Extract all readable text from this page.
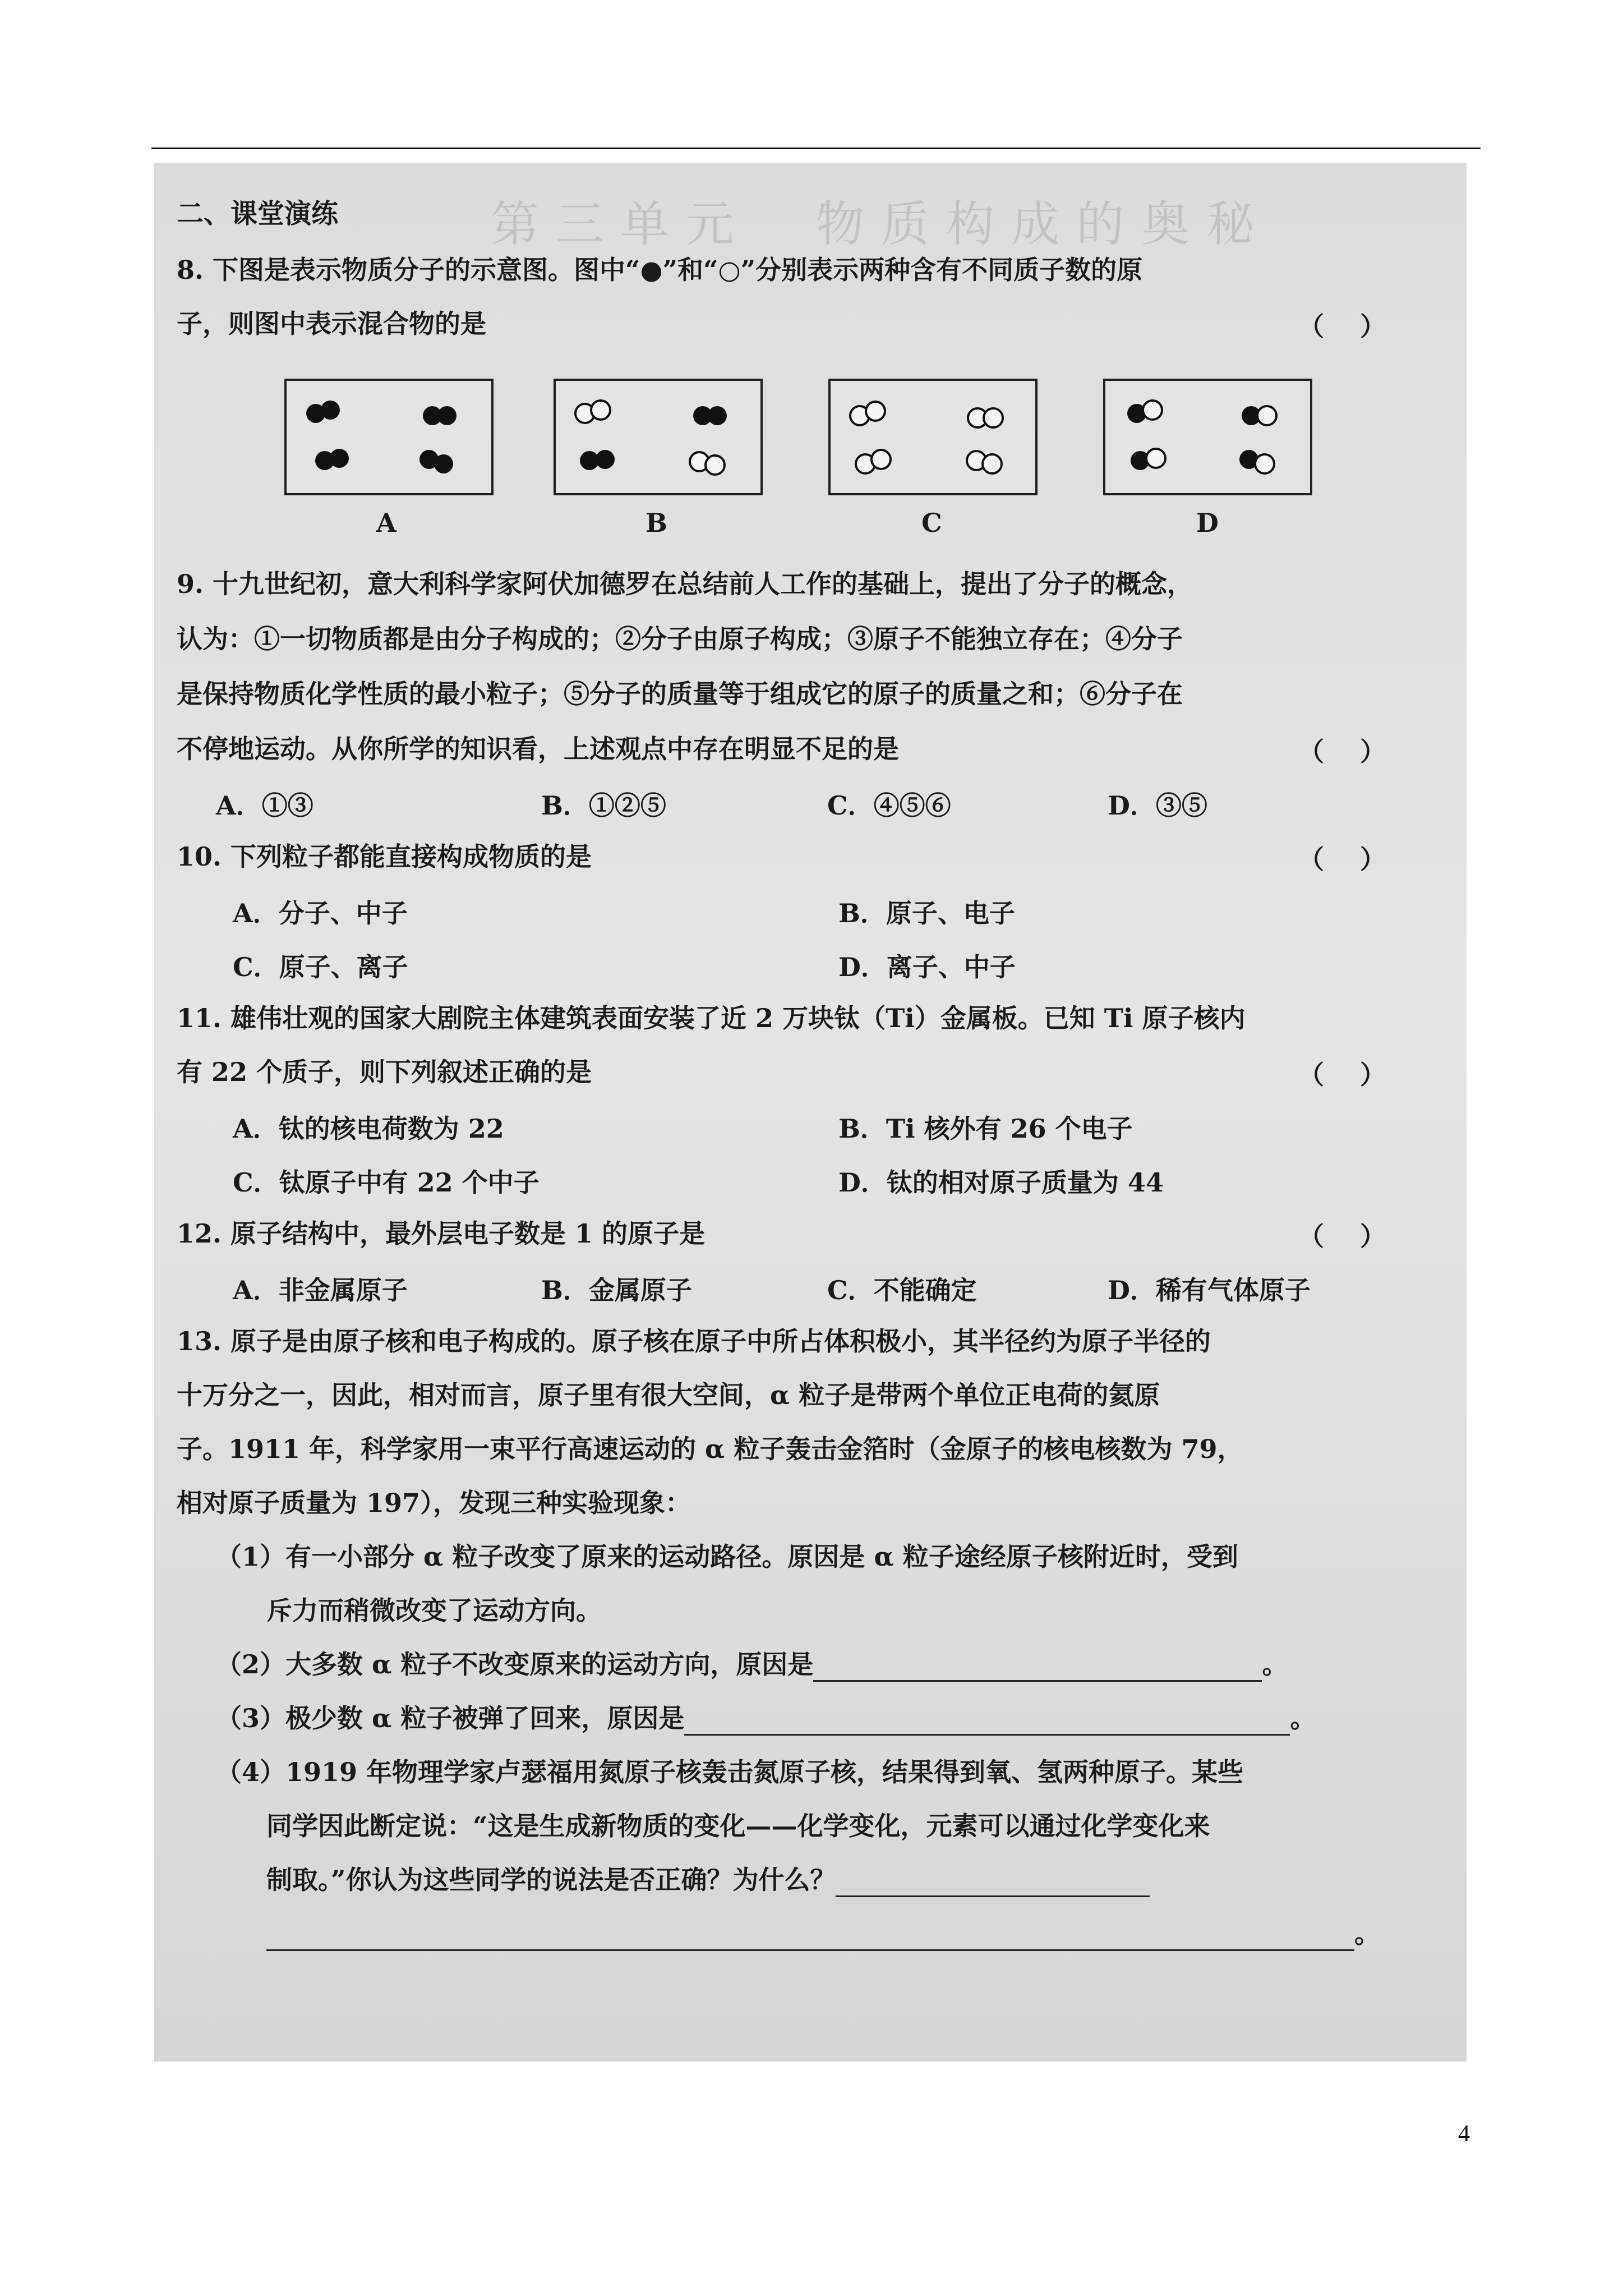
第三单元　物质构成的奥秘
二、课堂演练
8. 下图是表示物质分子的示意图。图中“●”和“○”分别表示两种含有不同质子数的原
子，则图中表示混合物的是	（    ）
A	B	C	D
9. 十九世纪初，意大利科学家阿伏加德罗在总结前人工作的基础上，提出了分子的概念，
认为：①一切物质都是由分子构成的；②分子由原子构成；③原子不能独立存在；④分子
是保持物质化学性质的最小粒子；⑤分子的质量等于组成它的原子的质量之和；⑥分子在
不停地运动。从你所学的知识看，上述观点中存在明显不足的是	（    ）
A．①③	B．①②⑤	C．④⑤⑥	D．③⑤
10. 下列粒子都能直接构成物质的是	（    ）
A．分子、中子	B．原子、电子
C．原子、离子	D．离子、中子
11. 雄伟壮观的国家大剧院主体建筑表面安装了近 2 万块钛（Ti）金属板。已知 Ti 原子核内
有 22 个质子，则下列叙述正确的是	（    ）
A．钛的核电荷数为 22	B．Ti 核外有 26 个电子
C．钛原子中有 22 个中子	D．钛的相对原子质量为 44
12. 原子结构中，最外层电子数是 1 的原子是	（    ）
A．非金属原子	B．金属原子	C．不能确定	D．稀有气体原子
13. 原子是由原子核和电子构成的。原子核在原子中所占体积极小，其半径约为原子半径的
十万分之一，因此，相对而言，原子里有很大空间，α 粒子是带两个单位正电荷的氦原
子。1911 年，科学家用一束平行高速运动的 α 粒子轰击金箔时（金原子的核电核数为 79，
相对原子质量为 197），发现三种实验现象：
（1）有一小部分 α 粒子改变了原来的运动路径。原因是 α 粒子途经原子核附近时，受到
斥力而稍微改变了运动方向。
（2）大多数 α 粒子不改变原来的运动方向，原因是	。
（3）极少数 α 粒子被弹了回来，原因是	。
（4）1919 年物理学家卢瑟福用氮原子核轰击氮原子核，结果得到氧、氢两种原子。某些
同学因此断定说：“这是生成新物质的变化——化学变化，元素可以通过化学变化来
制取。”你认为这些同学的说法是否正确？为什么？
。
4
